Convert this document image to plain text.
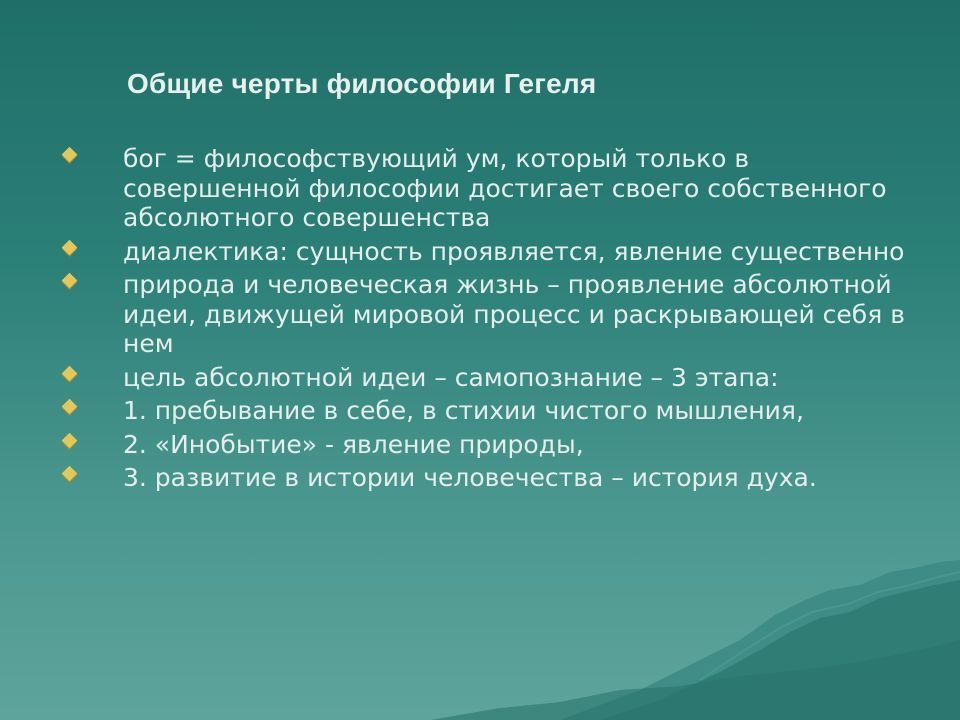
Общие черты философии Гегеля
бог = философствующий ум, который только в совершенной философии достигает своего собственного абсолютного совершенства
диалектика: сущность проявляется, явление существенно
природа и человеческая жизнь – проявление абсолютной идеи, движущей мировой процесс и раскрывающей себя в нем
цель абсолютной идеи – самопознание – 3 этапа:
1. пребывание в себе, в стихии чистого мышления,
2. «Инобытие» - явление природы,
3. развитие в истории человечества – история духа.
